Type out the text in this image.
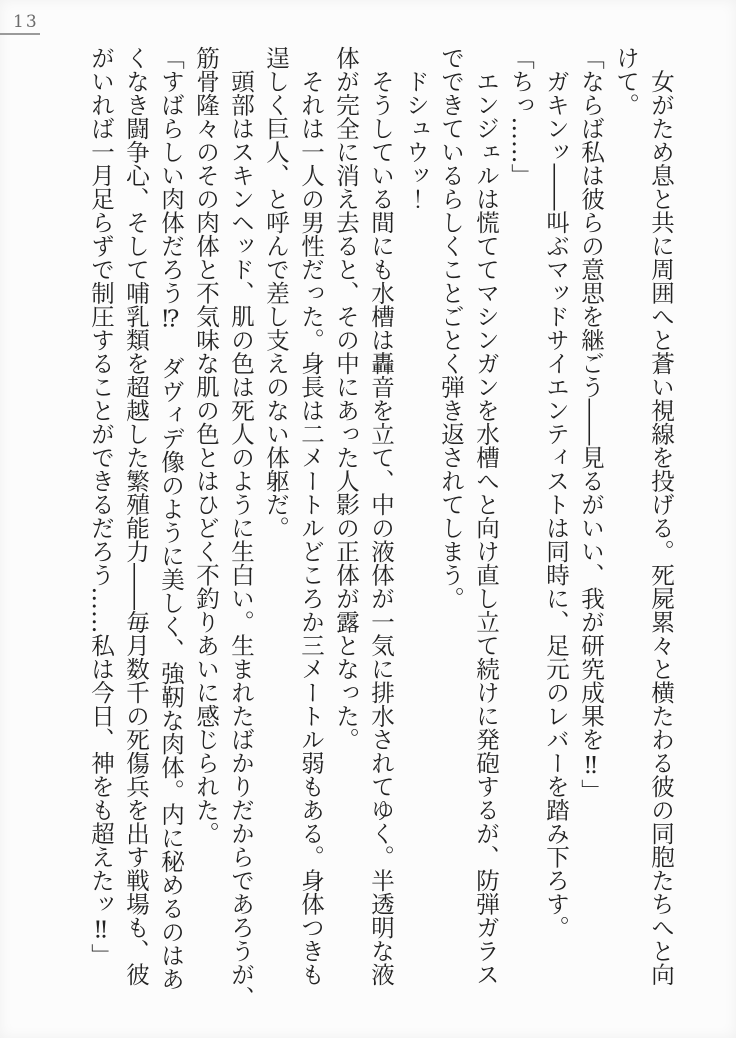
13
　女がため息と共に周囲へと蒼い視線を投げる。死屍累々と横たわる彼の同胞たちへと向
けて。
「ならば私は彼らの意思を継ごう――見るがいい、我が研究成果を‼」
　ガキンッ――叫ぶマッドサイエンティストは同時に、足元のレバーを踏み下ろす。
「ちっ……」
　エンジェルは慌ててマシンガンを水槽へと向け直し立て続けに発砲するが、防弾ガラス
でできているらしくことごとく弾き返されてしまう。
　ドシュウッ！
　そうしている間にも水槽は轟音を立て、中の液体が一気に排水されてゆく。半透明な液
体が完全に消え去ると、その中にあった人影の正体が露となった。
　それは一人の男性だった。身長は二メートルどころか三メートル弱もある。身体つきも
逞しく巨人、と呼んで差し支えのない体躯だ。
　頭部はスキンヘッド、肌の色は死人のように生白い。生まれたばかりだからであろうが、
筋骨隆々のその肉体と不気味な肌の色とはひどく不釣りあいに感じられた。
「すばらしい肉体だろう⁉　ダヴィデ像のように美しく、強靭な肉体。内に秘めるのはあ
くなき闘争心、そして哺乳類を超越した繁殖能力――毎月数千の死傷兵を出す戦場も、彼
がいれば一月足らずで制圧することができるだろう……私は今日、神をも超えたッ‼」
